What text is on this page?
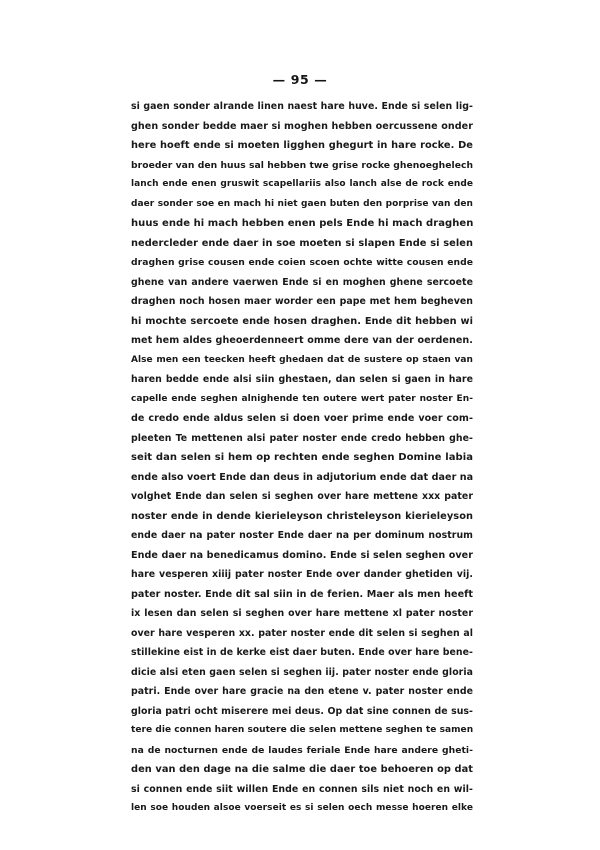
— 95 —
si gaen sonder alrande linen naest hare huve. Ende si selen lig-
ghen sonder bedde maer si moghen hebben oercussene onder
here hoeft ende si moeten ligghen ghegurt in hare rocke. De
broeder van den huus sal hebben twe grise rocke ghenoeghelech
lanch ende enen gruswit scapellariis also lanch alse de rock ende
daer sonder soe en mach hi niet gaen buten den porprise van den
huus ende hi mach hebben enen pels Ende hi mach draghen
nedercleder ende daer in soe moeten si slapen Ende si selen
draghen grise cousen ende coien scoen ochte witte cousen ende
ghene van andere vaerwen Ende si en moghen ghene sercoete
draghen noch hosen maer worder een pape met hem begheven
hi mochte sercoete ende hosen draghen. Ende dit hebben wi
met hem aldes gheoerdenneert omme dere van der oerdenen.
Alse men een teecken heeft ghedaen dat de sustere op staen van
haren bedde ende alsi siin ghestaen, dan selen si gaen in hare
capelle ende seghen alnighende ten outere wert pater noster En-
de credo ende aldus selen si doen voer prime ende voer com-
pleeten Te mettenen alsi pater noster ende credo hebben ghe-
seit dan selen si hem op rechten ende seghen Domine labia
ende also voert Ende dan deus in adjutorium ende dat daer na
volghet Ende dan selen si seghen over hare mettene xxx pater
noster ende in dende kierieleyson christeleyson kierieleyson
ende daer na pater noster Ende daer na per dominum nostrum
Ende daer na benedicamus domino. Ende si selen seghen over
hare vesperen xiiij pater noster Ende over dander ghetiden vij.
pater noster. Ende dit sal siin in de ferien. Maer als men heeft
ix lesen dan selen si seghen over hare mettene xl pater noster
over hare vesperen xx. pater noster ende dit selen si seghen al
stillekine eist in de kerke eist daer buten. Ende over hare bene-
dicie alsi eten gaen selen si seghen iij. pater noster ende gloria
patri. Ende over hare gracie na den etene v. pater noster ende
gloria patri ocht miserere mei deus. Op dat sine connen de sus-
tere die connen haren soutere die selen mettene seghen te samen
na de nocturnen ende de laudes feriale Ende hare andere gheti-
den van den dage na die salme die daer toe behoeren op dat
si connen ende siit willen Ende en connen sils niet noch en wil-
len soe houden alsoe voerseit es si selen oech messe hoeren elke
